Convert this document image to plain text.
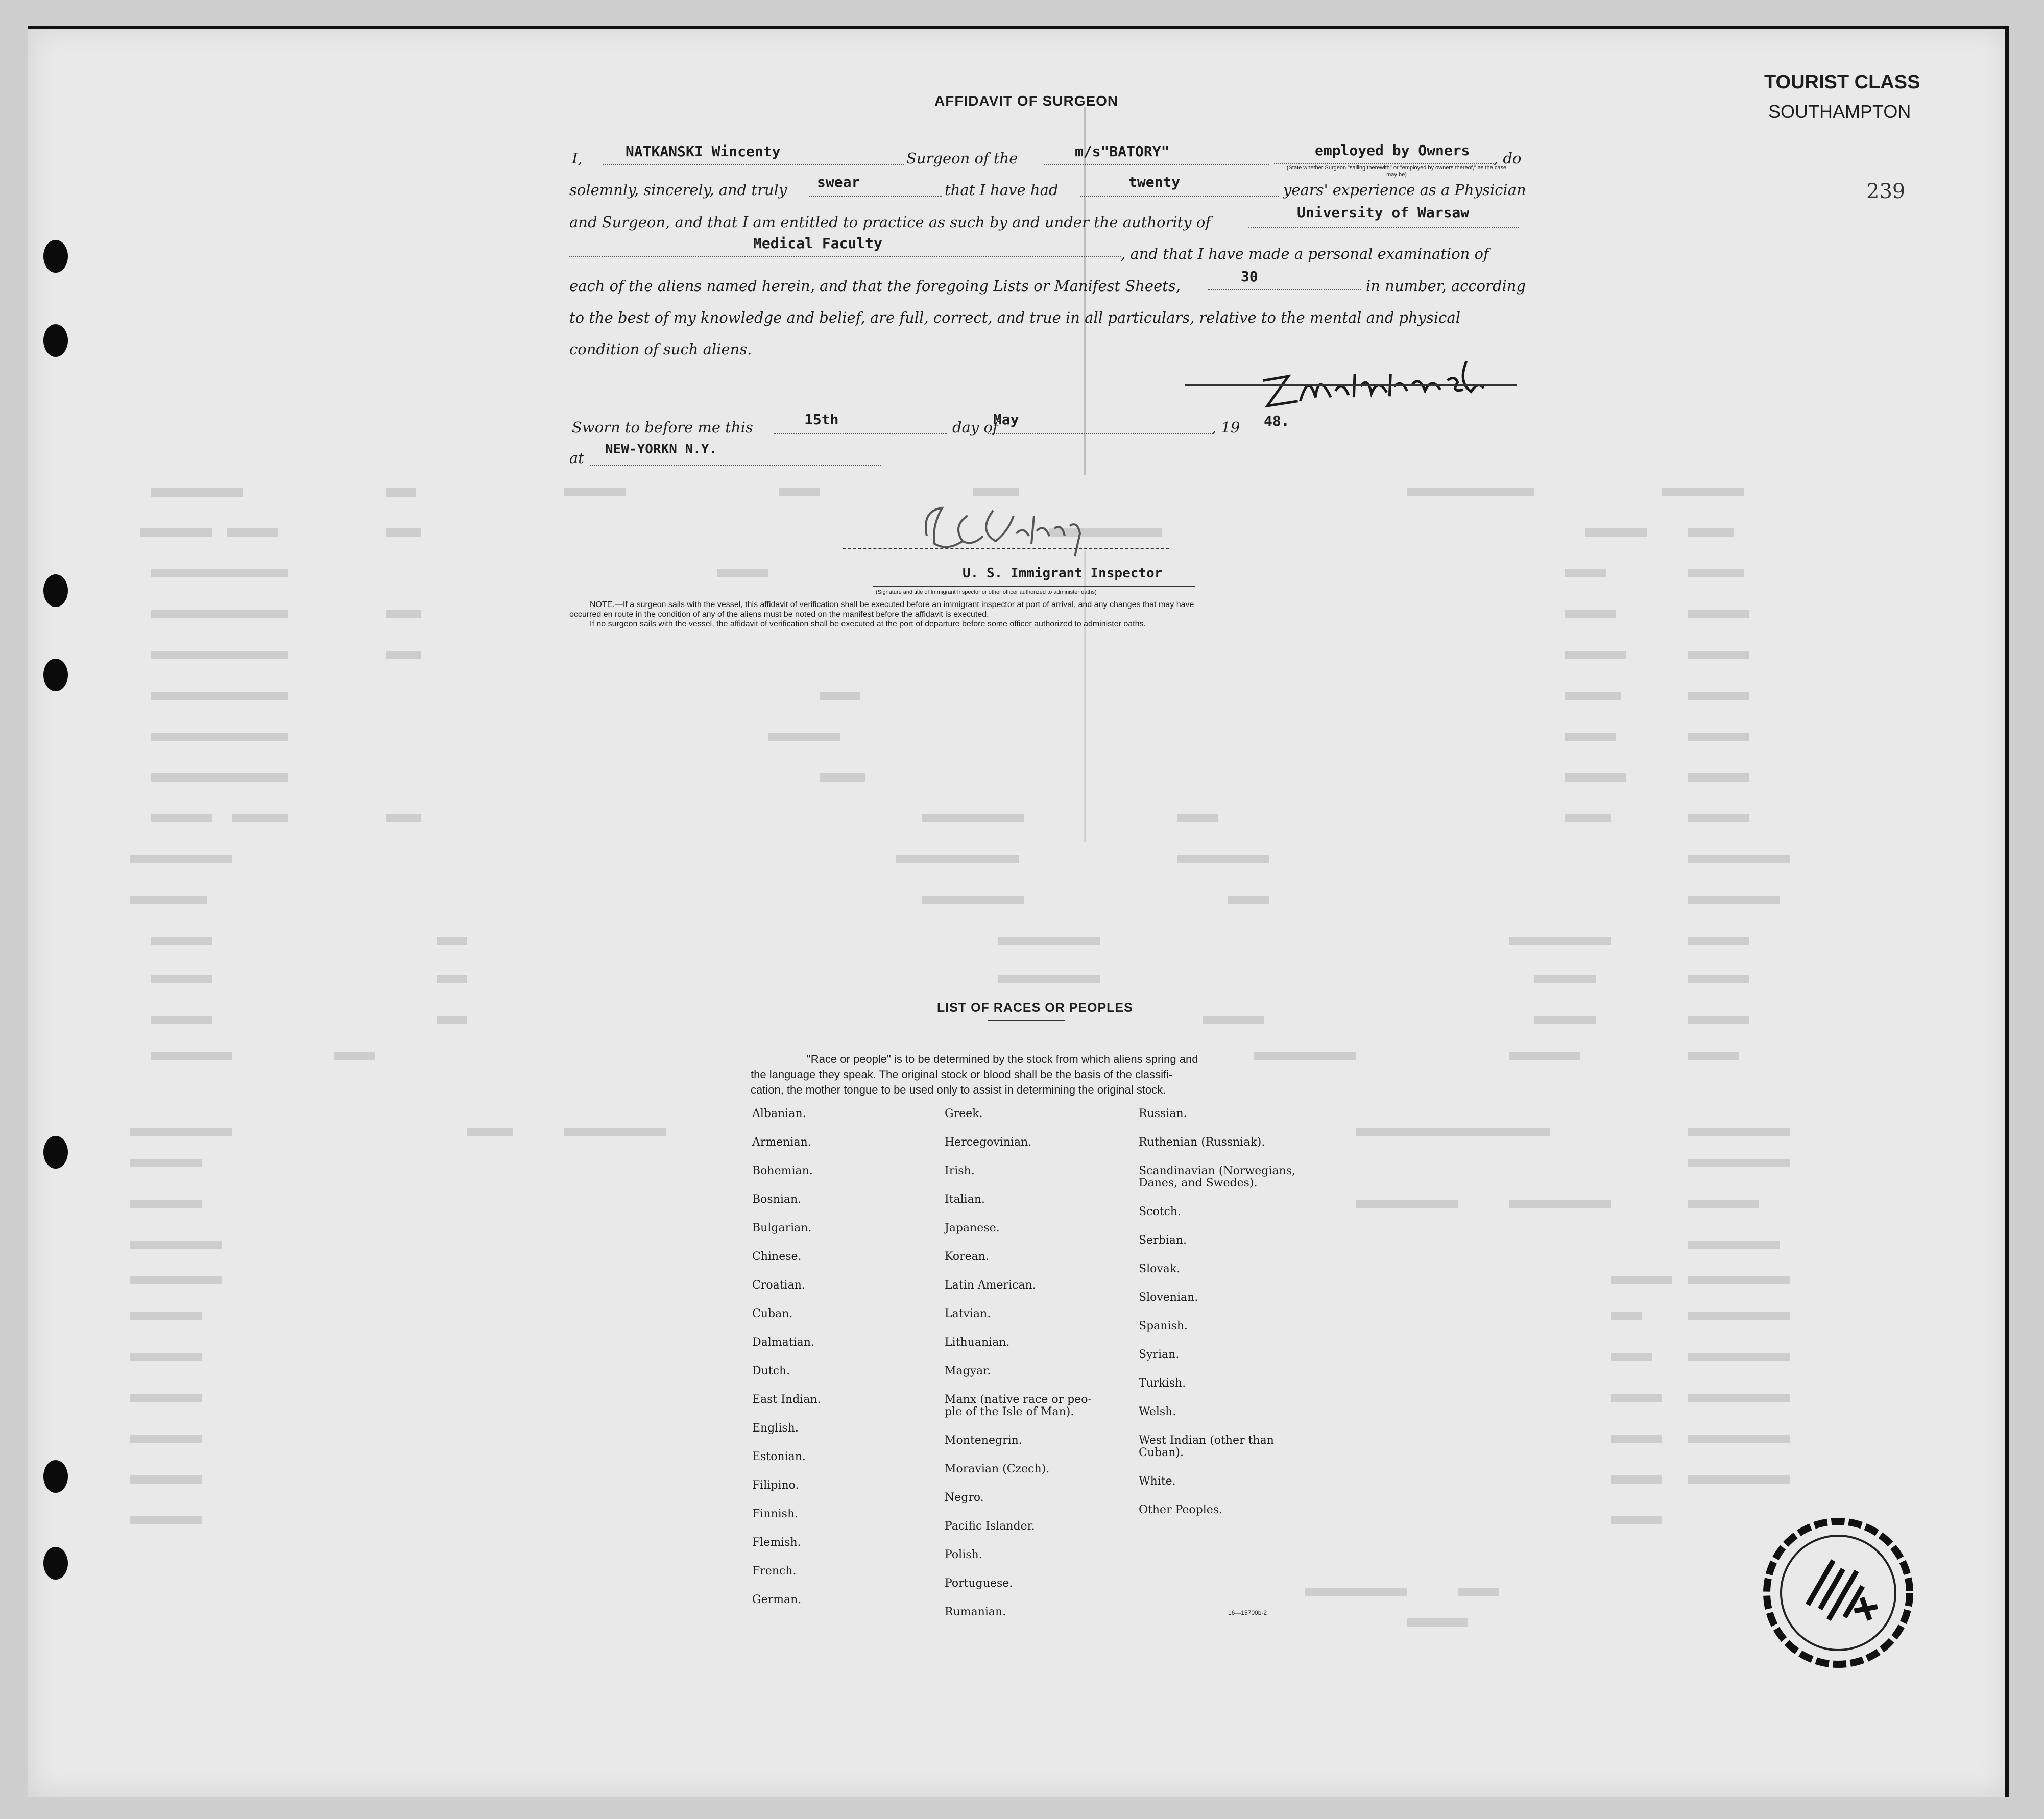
TOURIST CLASS
SOUTHAMPTON
239
AFFIDAVIT OF SURGEON
I,	NATKANSKI Wincenty	Surgeon of the	m/s"BATORY"	employed by Owners
(State whether Surgeon "sailing therewith" or "employed by owners thereof," as the case may be)
, do
solemnly, sincerely, and truly swear	that I have had	twenty	years' experience as a Physician
and Surgeon, and that I am entitled to practice as such by and under the authority of
University of Warsaw
Medical Faculty
, and that I have made a personal examination of
each of the aliens named herein, and that the foregoing Lists or Manifest Sheets,
30
in number, according
to the best of my knowledge and belief, are full, correct, and true in all particulars, relative to the mental and physical
condition of such aliens.
Sworn to before me this	15th	day of
May	, 19 48.
at NEW-YORKN N.Y.
U. S. Immigrant Inspector
(Signature and title of Immigrant Inspector or other officer authorized to administer oaths)
NOTE.—If a surgeon sails with the vessel, this affidavit of verification shall be executed before an immigrant inspector at port of arrival, and any changes that may have
occurred en route in the condition of any of the aliens must be noted on the manifest before the affidavit is executed.
If no surgeon sails with the vessel, the affidavit of verification shall be executed at the port of departure before some officer authorized to administer oaths.
LIST OF RACES OR PEOPLES
"Race or people" is to be determined by the stock from which aliens spring and
the language they speak. The original stock or blood shall be the basis of the classifi-
cation, the mother tongue to be used only to assist in determining the original stock.
Albanian.
Armenian.
Bohemian.
Bosnian.
Bulgarian.
Chinese.
Croatian.
Cuban.
Dalmatian.
Dutch.
East Indian.
English.
Estonian.
Filipino.
Finnish.
Flemish.
French.
German.
Greek.
Hercegovinian.
Irish.
Italian.
Japanese.
Korean.
Latin American.
Latvian.
Lithuanian.
Magyar.
Manx (native race or peo-
ple of the Isle of Man).
Montenegrin.
Moravian (Czech).
Negro.
Pacific Islander.
Polish.
Portuguese.
Rumanian.
Russian.
Ruthenian (Russniak).
Scandinavian (Norwegians,
Danes, and Swedes).
Scotch.
Serbian.
Slovak.
Slovenian.
Spanish.
Syrian.
Turkish.
Welsh.
West Indian (other than
Cuban).
White.
Other Peoples.
16—15700b-2
